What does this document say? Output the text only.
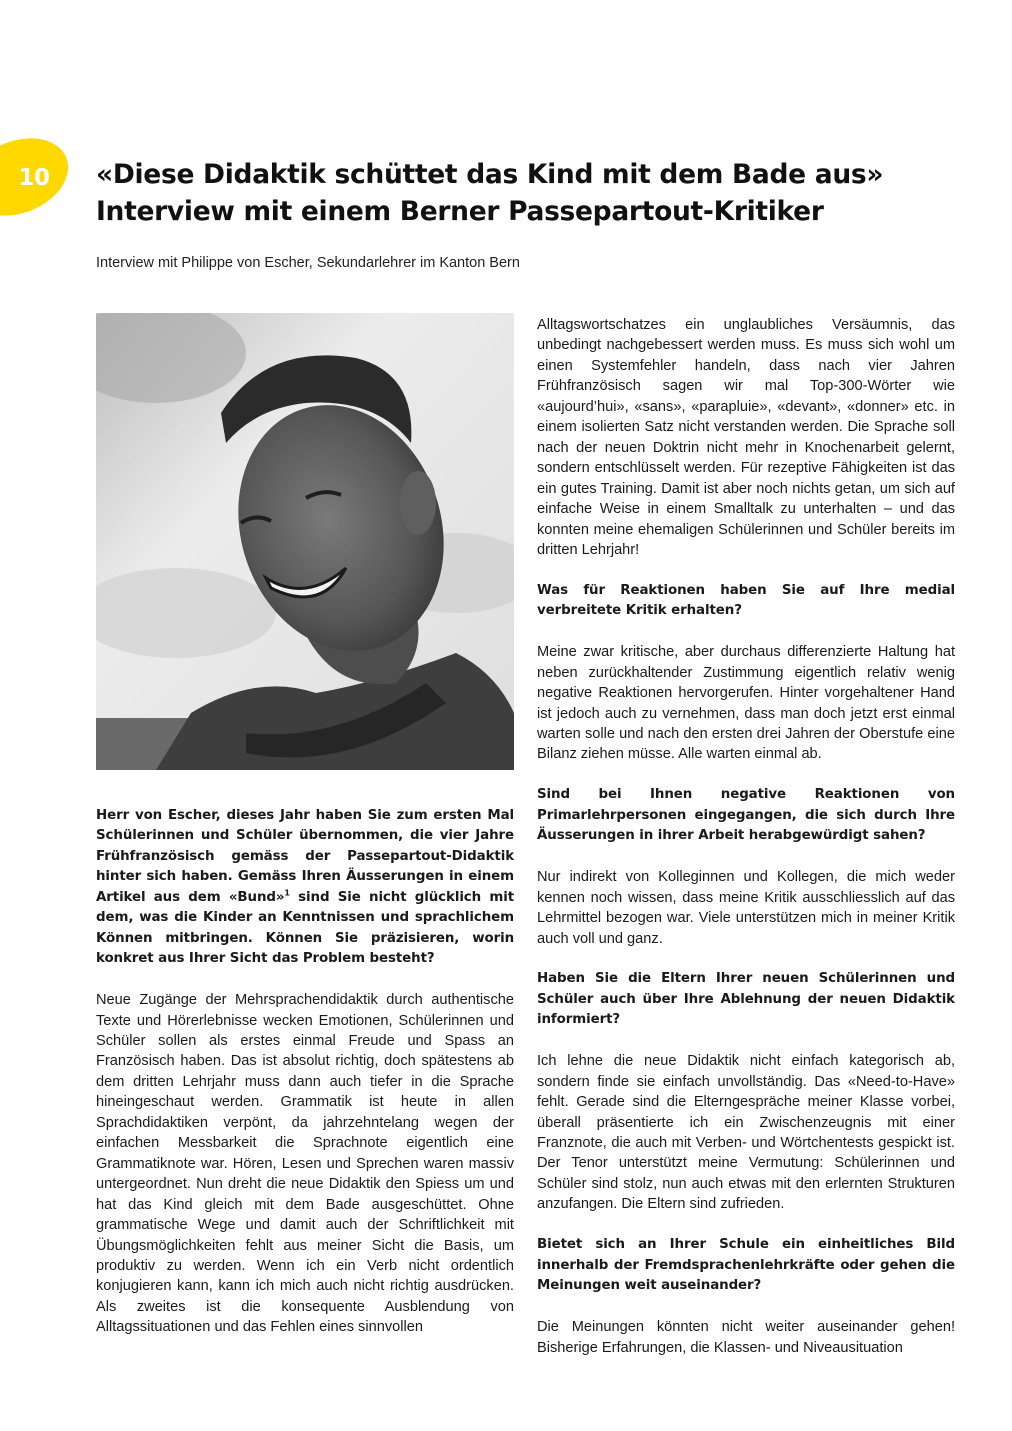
10 «Diese Didaktik schüttet das Kind mit dem Bade aus»
Interview mit einem Berner Passepartout-Kritiker

Interview mit Philippe von Escher, Sekundarlehrer im Kanton Bern

Herr von Escher, dieses Jahr haben Sie zum ersten Mal Schülerinnen und Schüler übernommen, die vier Jahre Frühfranzösisch gemäss der Passepartout-Didaktik hinter sich haben. Gemäss Ihren Äusserungen in einem Artikel aus dem «Bund»$^1$ sind Sie nicht glücklich mit dem, was die Kinder an Kenntnissen und sprachlichem Können mitbringen. Können Sie präzisieren, worin konkret aus Ihrer Sicht das Problem besteht?

Neue Zugänge der Mehrsprachendidaktik durch authentische Texte und Hörerlebnisse wecken Emotionen, Schülerinnen und Schüler sollen als erstes einmal Freude und Spass an Französisch haben. Das ist absolut richtig, doch spätestens ab dem dritten Lehrjahr muss dann auch tiefer in die Sprache hineingeschaut werden. Grammatik ist heute in allen Sprachdidaktiken verpönt, da jahrzehntelang wegen der einfachen Messbarkeit die Sprachnote eigentlich eine Grammatiknote war. Hören, Lesen und Sprechen waren massiv untergeordnet. Nun dreht die neue Didaktik den Spiess um und hat das Kind gleich mit dem Bade ausgeschüttet. Ohne grammatische Wege und damit auch der Schriftlichkeit mit Übungsmöglichkeiten fehlt aus meiner Sicht die Basis, um produktiv zu werden. Wenn ich ein Verb nicht ordentlich konjugieren kann, kann ich mich auch nicht richtig ausdrücken. Als zweites ist die konsequente Ausblendung von Alltagssituationen und das Fehlen eines sinnvollen

Alltagswortschatzes ein unglaubliches Versäumnis, das unbedingt nachgebessert werden muss. Es muss sich wohl um einen Systemfehler handeln, dass nach vier Jahren Frühfranzösisch sagen wir mal Top-300-Wörter wie «aujourd’hui», «sans», «parapluie», «devant», «donner» etc. in einem isolierten Satz nicht verstanden werden. Die Sprache soll nach der neuen Doktrin nicht mehr in Knochenarbeit gelernt, sondern entschlüsselt werden. Für rezeptive Fähigkeiten ist das ein gutes Training. Damit ist aber noch nichts getan, um sich auf einfache Weise in einem Smalltalk zu unterhalten – und das konnten meine ehemaligen Schülerinnen und Schüler bereits im dritten Lehrjahr!

Was für Reaktionen haben Sie auf Ihre medial verbreitete Kritik erhalten?

Meine zwar kritische, aber durchaus differenzierte Haltung hat neben zurückhaltender Zustimmung eigentlich relativ wenig negative Reaktionen hervorgerufen. Hinter vorgehaltener Hand ist jedoch auch zu vernehmen, dass man doch jetzt erst einmal warten solle und nach den ersten drei Jahren der Oberstufe eine Bilanz ziehen müsse. Alle warten einmal ab.

Sind bei Ihnen negative Reaktionen von Primarlehrpersonen eingegangen, die sich durch Ihre Äusserungen in ihrer Arbeit herabgewürdigt sahen?

Nur indirekt von Kolleginnen und Kollegen, die mich weder kennen noch wissen, dass meine Kritik ausschliesslich auf das Lehrmittel bezogen war. Viele unterstützen mich in meiner Kritik auch voll und ganz.

Haben Sie die Eltern Ihrer neuen Schülerinnen und Schüler auch über Ihre Ablehnung der neuen Didaktik informiert?

Ich lehne die neue Didaktik nicht einfach kategorisch ab, sondern finde sie einfach unvollständig. Das «Need-to-Have» fehlt. Gerade sind die Elterngespräche meiner Klasse vorbei, überall präsentierte ich ein Zwischenzeugnis mit einer Franznote, die auch mit Verben- und Wörtchentests gespickt ist. Der Tenor unterstützt meine Vermutung: Schülerinnen und Schüler sind stolz, nun auch etwas mit den erlernten Strukturen anzufangen. Die Eltern sind zufrieden.

Bietet sich an Ihrer Schule ein einheitliches Bild innerhalb der Fremdsprachenlehrkräfte oder gehen die Meinungen weit auseinander?

Die Meinungen könnten nicht weiter auseinander gehen! Bisherige Erfahrungen, die Klassen- und Niveausituation
